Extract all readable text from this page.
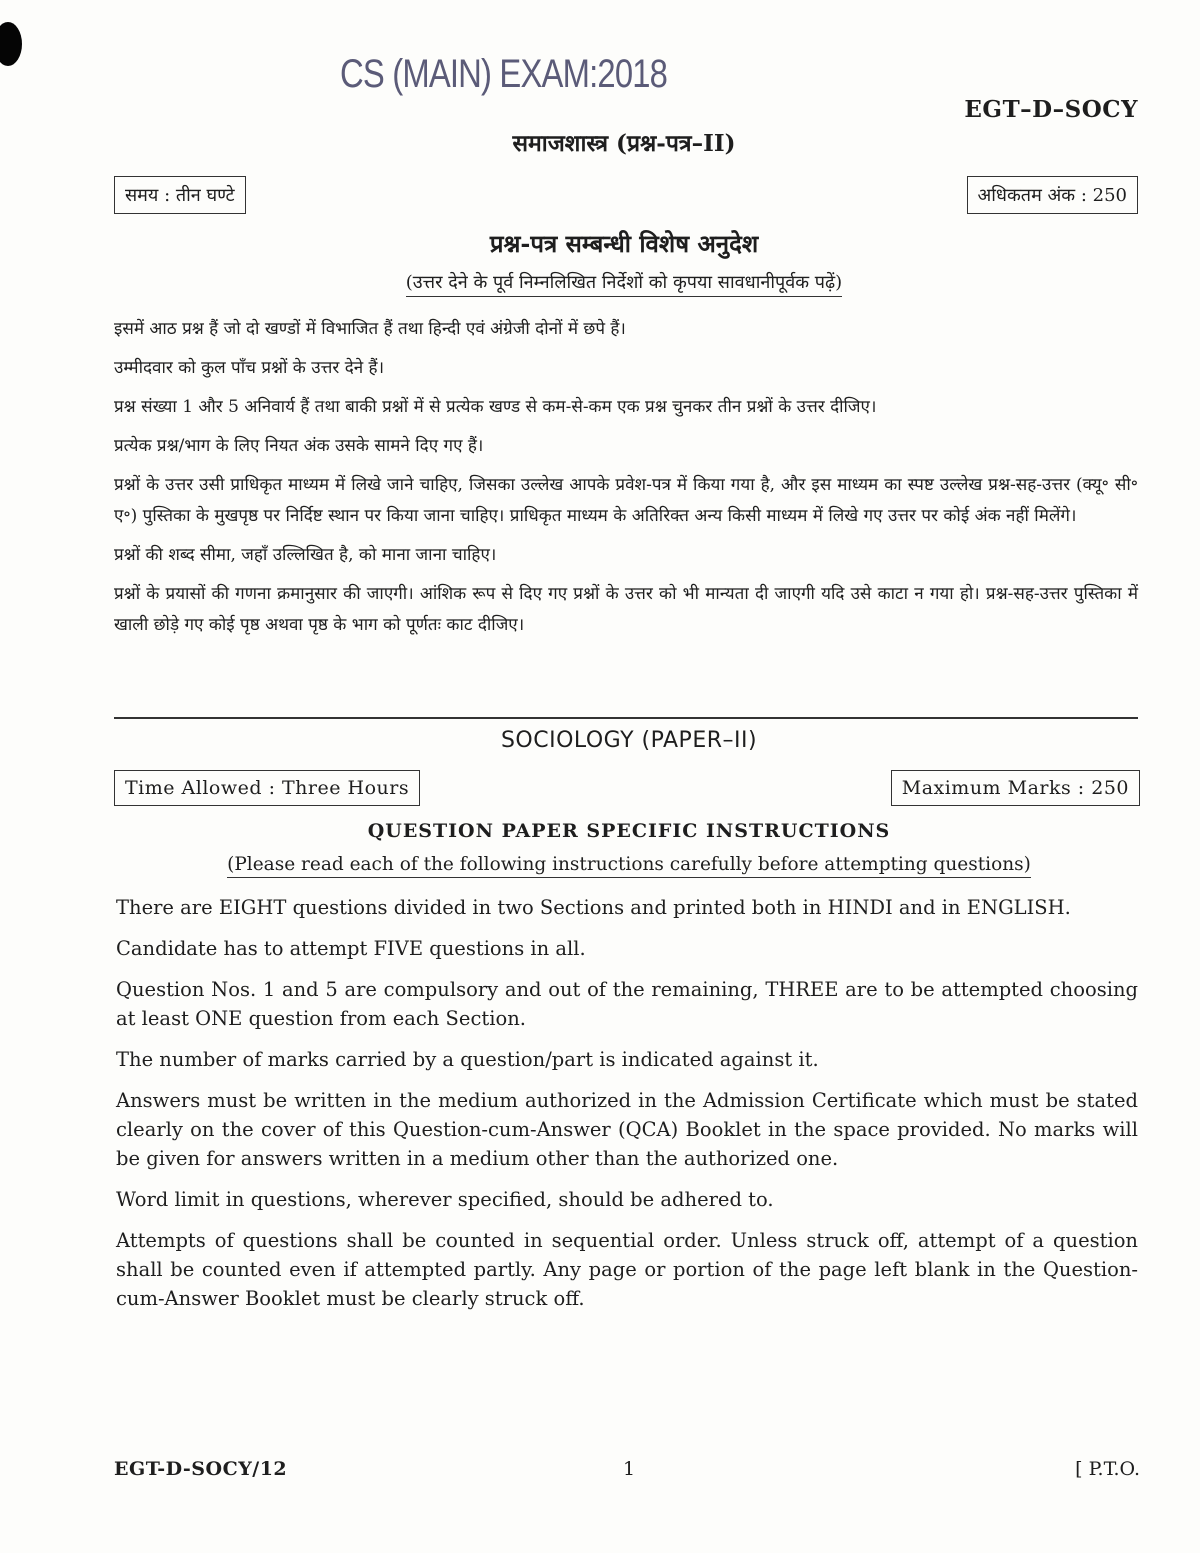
CS (MAIN) EXAM:2018
EGT–D–SOCY
समाजशास्त्र (प्रश्न-पत्र–II)
समय : तीन घण्टे	अधिकतम अंक : 250
प्रश्न-पत्र सम्बन्धी विशेष अनुदेश
(उत्तर देने के पूर्व निम्नलिखित निर्देशों को कृपया सावधानीपूर्वक पढ़ें)

इसमें आठ प्रश्न हैं जो दो खण्डों में विभाजित हैं तथा हिन्दी एवं अंग्रेजी दोनों में छपे हैं।

उम्मीदवार को कुल पाँच प्रश्नों के उत्तर देने हैं।

प्रश्न संख्या 1 और 5 अनिवार्य हैं तथा बाकी प्रश्नों में से प्रत्येक खण्ड से कम-से-कम एक प्रश्न चुनकर तीन प्रश्नों के उत्तर दीजिए।

प्रत्येक प्रश्न/भाग के लिए नियत अंक उसके सामने दिए गए हैं।

प्रश्नों के उत्तर उसी प्राधिकृत माध्यम में लिखे जाने चाहिए, जिसका उल्लेख आपके प्रवेश-पत्र में किया गया है, और इस माध्यम का स्पष्ट उल्लेख प्रश्न-सह-उत्तर (क्यू॰ सी॰ ए॰) पुस्तिका के मुखपृष्ठ पर निर्दिष्ट स्थान पर किया जाना चाहिए। प्राधिकृत माध्यम के अतिरिक्त अन्य किसी माध्यम में लिखे गए उत्तर पर कोई अंक नहीं मिलेंगे।

प्रश्नों की शब्द सीमा, जहाँ उल्लिखित है, को माना जाना चाहिए।

प्रश्नों के प्रयासों की गणना क्रमानुसार की जाएगी। आंशिक रूप से दिए गए प्रश्नों के उत्तर को भी मान्यता दी जाएगी यदि उसे काटा न गया हो। प्रश्न-सह-उत्तर पुस्तिका में खाली छोड़े गए कोई पृष्ठ अथवा पृष्ठ के भाग को पूर्णतः काट दीजिए।

SOCIOLOGY (PAPER–II)
Time Allowed : Three Hours	Maximum Marks : 250
QUESTION PAPER SPECIFIC INSTRUCTIONS
(Please read each of the following instructions carefully before attempting questions)

There are EIGHT questions divided in two Sections and printed both in HINDI and in ENGLISH.

Candidate has to attempt FIVE questions in all.

Question Nos. 1 and 5 are compulsory and out of the remaining, THREE are to be attempted choosing at least ONE question from each Section.

The number of marks carried by a question/part is indicated against it.

Answers must be written in the medium authorized in the Admission Certificate which must be stated clearly on the cover of this Question-cum-Answer (QCA) Booklet in the space provided. No marks will be given for answers written in a medium other than the authorized one.

Word limit in questions, wherever specified, should be adhered to.

Attempts of questions shall be counted in sequential order. Unless struck off, attempt of a question shall be counted even if attempted partly. Any page or portion of the page left blank in the Question-cum-Answer Booklet must be clearly struck off.

EGT-D-SOCY/12	1	[ P.T.O.
